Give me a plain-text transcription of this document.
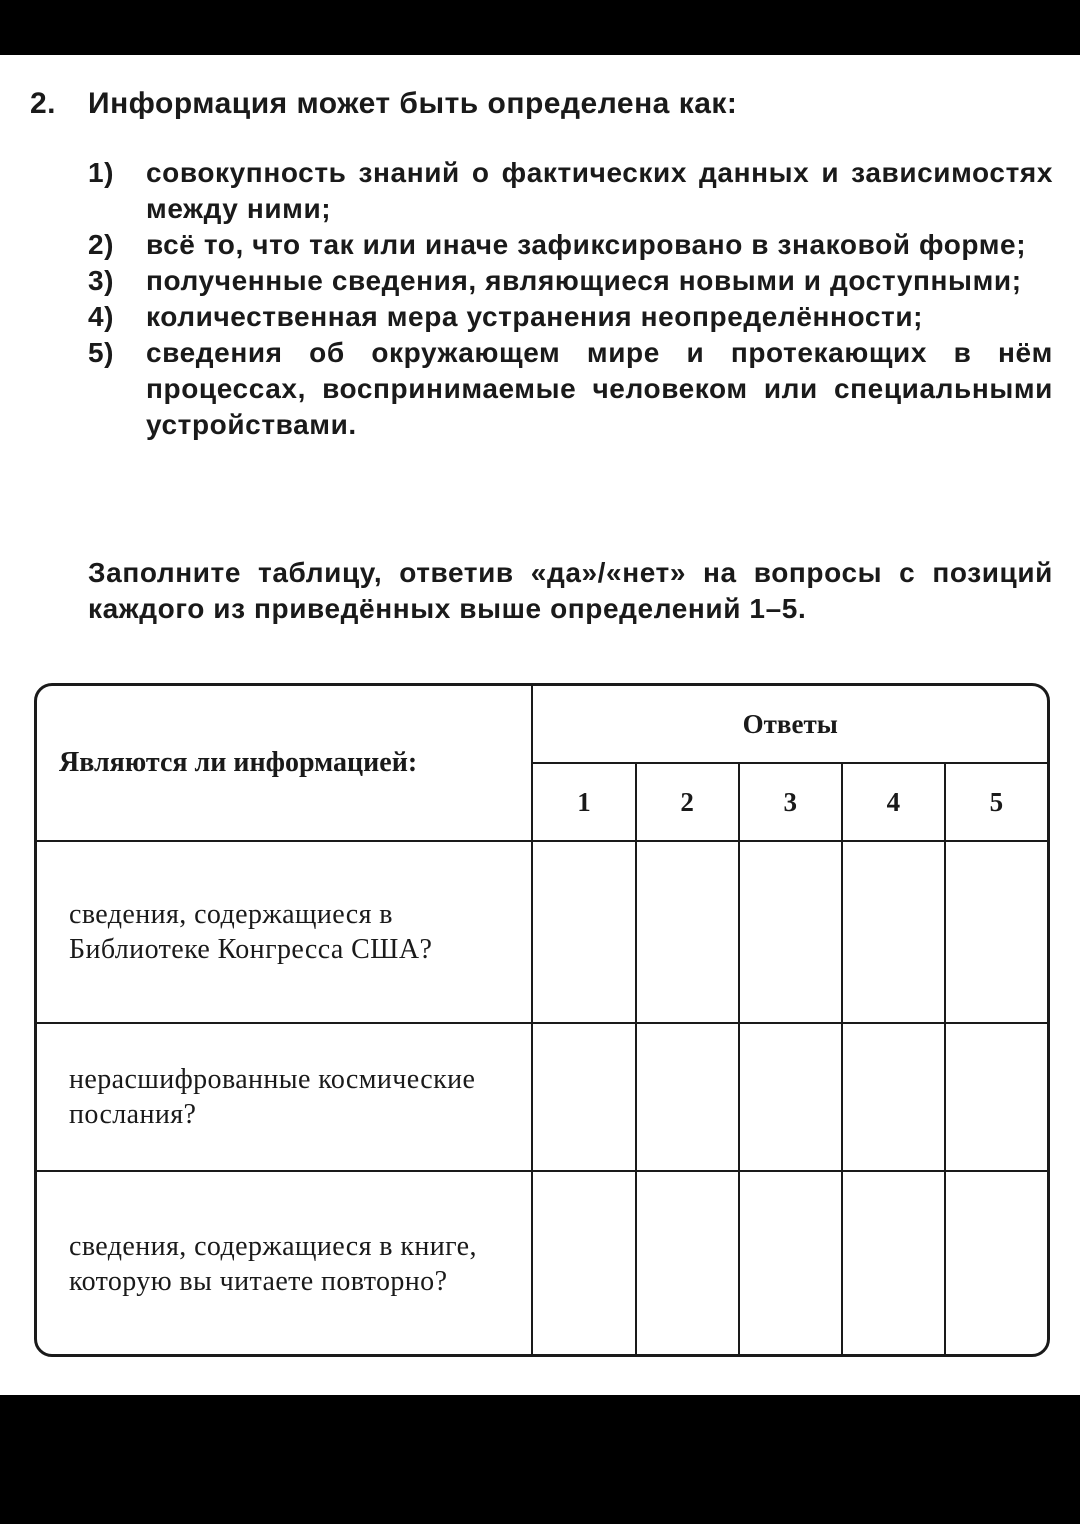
2. Информация может быть определена как:
1)	совокупность знаний о фактических данных и зависимостях между ними;
2)	всё то, что так или иначе зафиксировано в знаковой форме;
3)	полученные сведения, являющиеся новыми и доступными;
4)	количественная мера устранения неопределённости;
5)	сведения об окружающем мире и протекающих в нём процессах, воспринимаемые человеком или специальными устройствами.
Заполните таблицу, ответив «да»/«нет» на вопросы с позиций каждого из приведённых выше определений 1–5.
Являются ли информацией:	Ответы				
	1	2	3	4	5
сведения, содержащиеся в Библиотеке Конгресса США?					
нерасшифрованные космические послания?					
сведения, содержащиеся в книге, которую вы читаете повторно?					
